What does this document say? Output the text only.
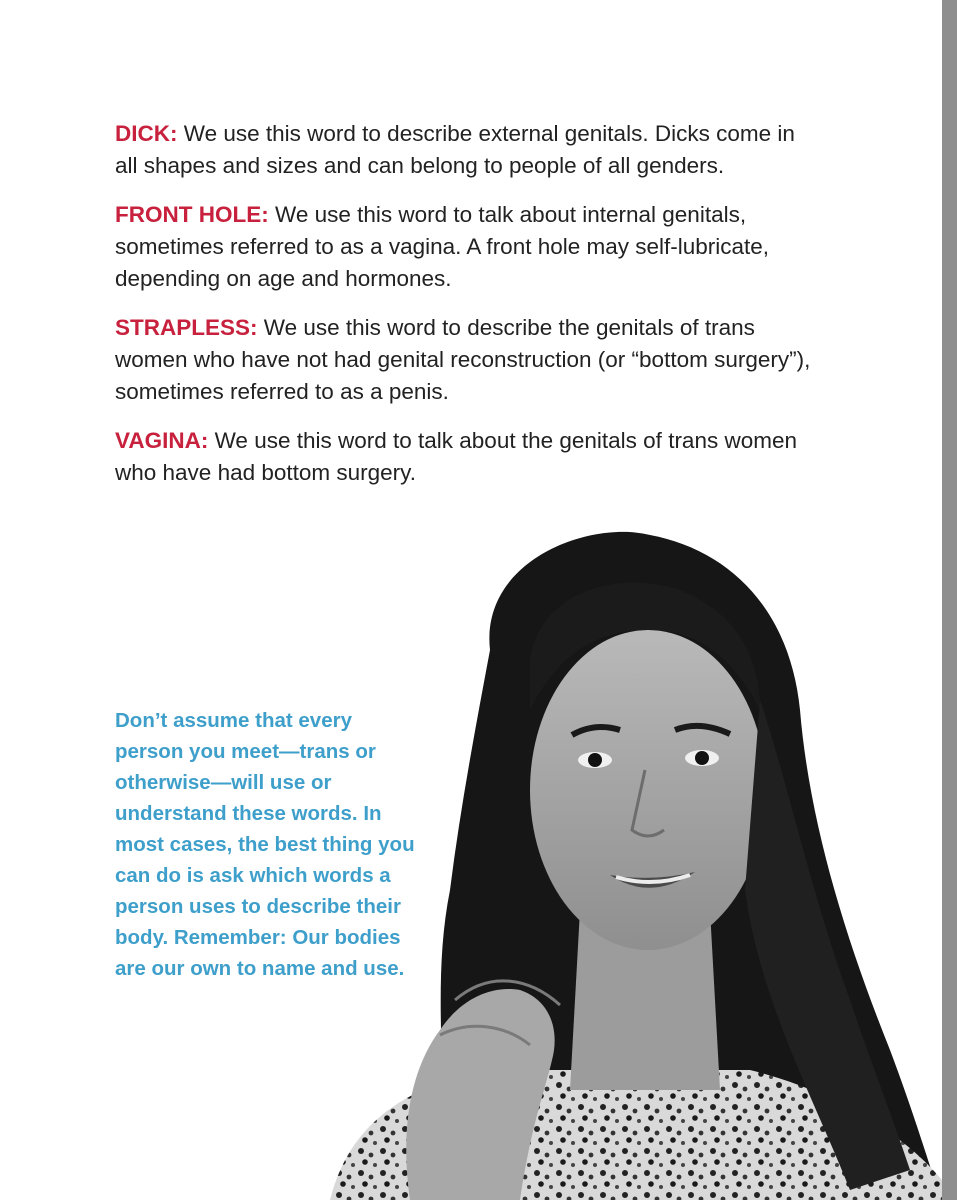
DICK: We use this word to describe external genitals. Dicks come in all shapes and sizes and can belong to people of all genders.

FRONT HOLE: We use this word to talk about internal genitals, sometimes referred to as a vagina. A front hole may self-lubricate, depending on age and hormones.

STRAPLESS: We use this word to describe the genitals of trans women who have not had genital reconstruction (or “bottom surgery”), sometimes referred to as a penis.

VAGINA: We use this word to talk about the genitals of trans women who have had bottom surgery.

Don’t assume that every person you meet—trans or otherwise—will use or understand these words. In most cases, the best thing you can do is ask which words a person uses to describe their body. Remember: Our bodies are our own to name and use.
